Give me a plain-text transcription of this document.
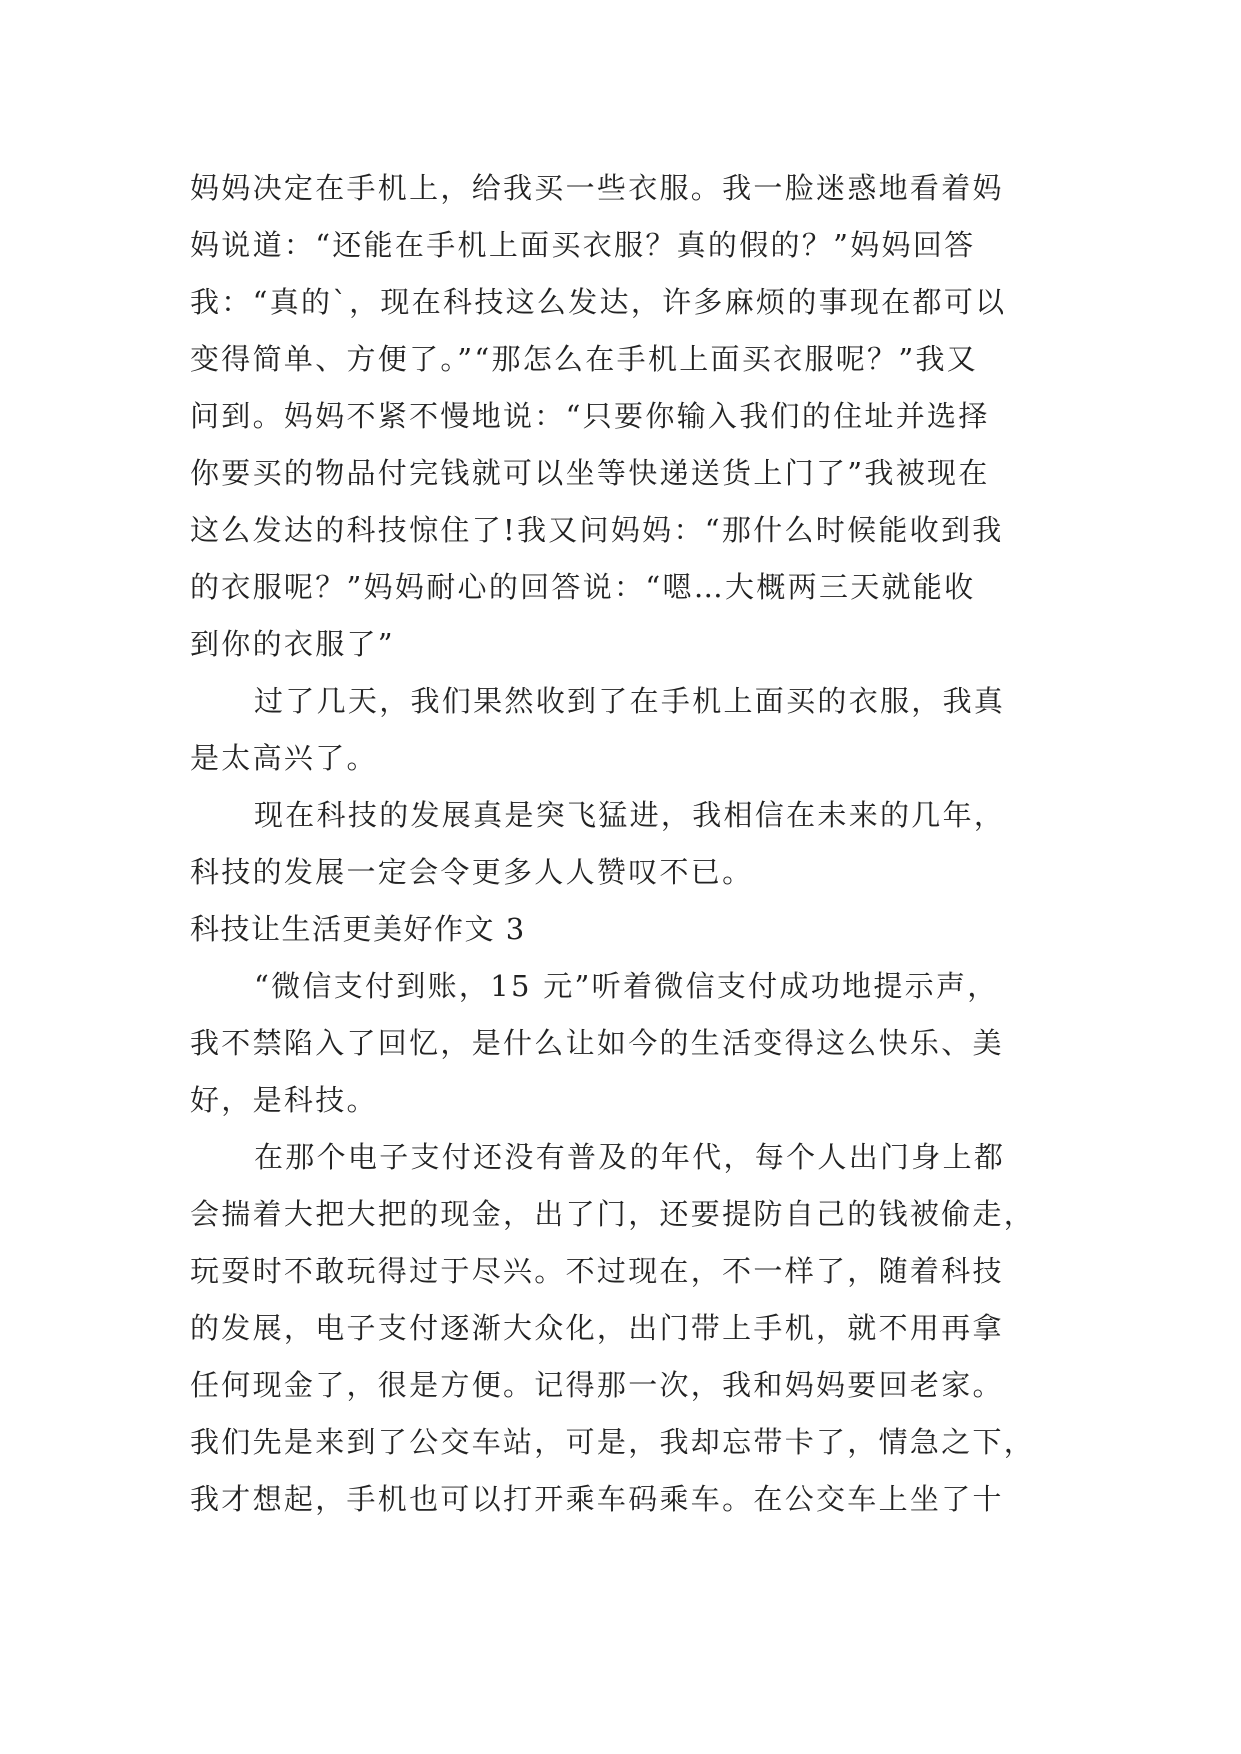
妈妈决定在手机上，给我买一些衣服。我一脸迷惑地看着妈
妈说道：“还能在手机上面买衣服？真的假的？”妈妈回答
我：“真的`，现在科技这么发达，许多麻烦的事现在都可以
变得简单、方便了。”“那怎么在手机上面买衣服呢？”我又
问到。妈妈不紧不慢地说：“只要你输入我们的住址并选择
你要买的物品付完钱就可以坐等快递送货上门了”我被现在
这么发达的科技惊住了!我又问妈妈：“那什么时候能收到我
的衣服呢？”妈妈耐心的回答说：“嗯…大概两三天就能收
到你的衣服了”
过了几天，我们果然收到了在手机上面买的衣服，我真
是太高兴了。
现在科技的发展真是突飞猛进，我相信在未来的几年，
科技的发展一定会令更多人人赞叹不已。
科技让生活更美好作文 3
“微信支付到账，15 元”听着微信支付成功地提示声，
我不禁陷入了回忆，是什么让如今的生活变得这么快乐、美
好，是科技。
在那个电子支付还没有普及的年代，每个人出门身上都
会揣着大把大把的现金，出了门，还要提防自己的钱被偷走，
玩耍时不敢玩得过于尽兴。不过现在，不一样了，随着科技
的发展，电子支付逐渐大众化，出门带上手机，就不用再拿
任何现金了，很是方便。记得那一次，我和妈妈要回老家。
我们先是来到了公交车站，可是，我却忘带卡了，情急之下，
我才想起，手机也可以打开乘车码乘车。在公交车上坐了十
